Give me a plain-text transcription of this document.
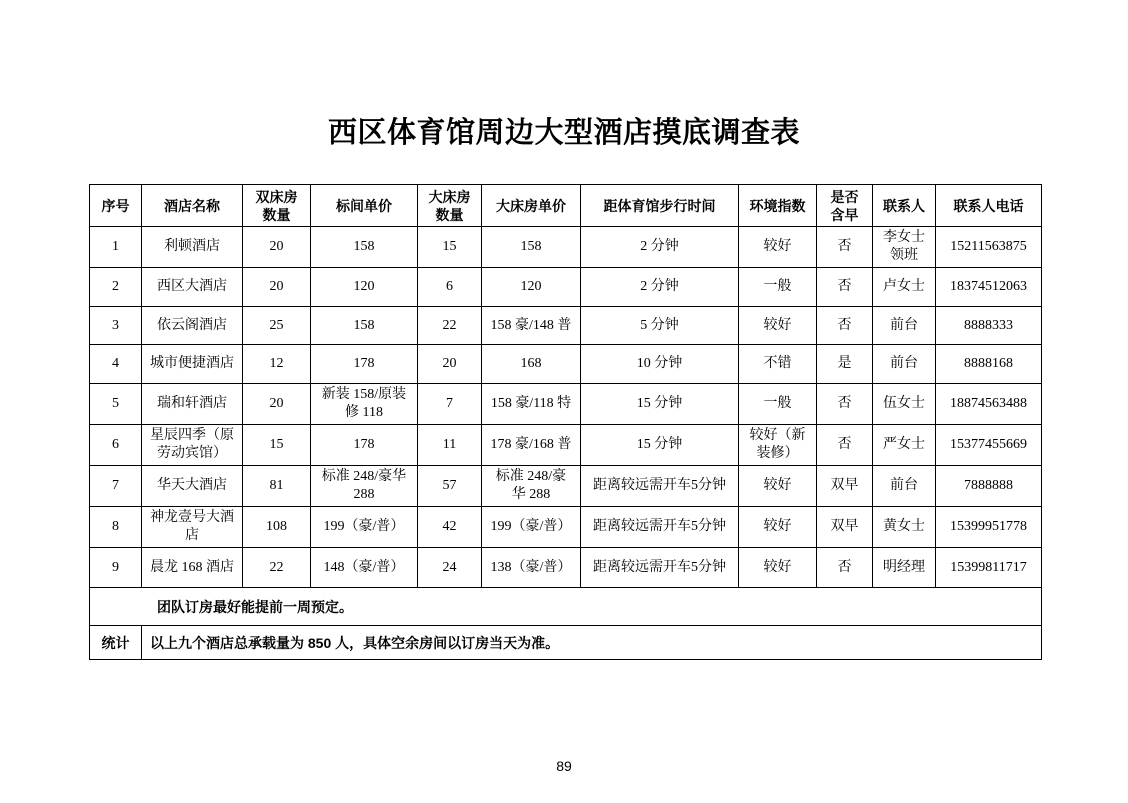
西区体育馆周边大型酒店摸底调查表
序号	酒店名称	双床房数量	标间单价	大床房数量	大床房单价	距体育馆步行时间	环境指数	是否含早	联系人	联系人电话
1	利顿酒店	20	158	15	158	2 分钟	较好	否	李女士领班	15211563875
2	西区大酒店	20	120	6	120	2 分钟	一般	否	卢女士	18374512063
3	依云阁酒店	25	158	22	158 豪/148 普	5 分钟	较好	否	前台	8888333
4	城市便捷酒店	12	178	20	168	10 分钟	不错	是	前台	8888168
5	瑞和轩酒店	20	新装 158/原装修 118	7	158 豪/118 特	15 分钟	一般	否	伍女士	18874563488
6	星辰四季（原劳动宾馆）	15	178	11	178 豪/168 普	15 分钟	较好（新装修）	否	严女士	15377455669
7	华天大酒店	81	标准 248/豪华 288	57	标准 248/豪华 288	距离较远需开车5分钟	较好	双早	前台	7888888
8	神龙壹号大酒店	108	199（豪/普）	42	199（豪/普）	距离较远需开车5分钟	较好	双早	黄女士	15399951778
9	晨龙 168 酒店	22	148（豪/普）	24	138（豪/普）	距离较远需开车5分钟	较好	否	明经理	15399811717
团队订房最好能提前一周预定。										
统计	以上九个酒店总承载量为 850 人，具体空余房间以订房当天为准。									
89
